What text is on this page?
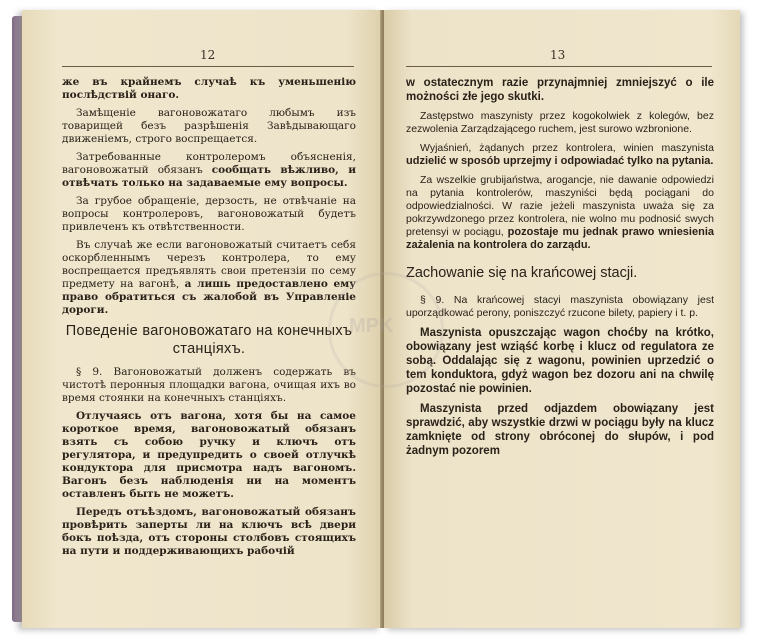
12

же въ крайнемъ случаѣ къ уменьшенію послѣдствій онаго.

Замѣщеніе вагоновожатаго любымъ изъ товарищей безъ разрѣшенія Завѣдывающаго движеніемъ, строго воспрещается.

Затребованные контролеромъ объясненія, вагоновожатый обязанъ сообщать вѣжливо, и отвѣчать только на задаваемые ему вопросы.

За грубое обращеніе, дерзость, не отвѣчаніе на вопросы контролеровъ, вагоновожатый будетъ привлеченъ къ отвѣтственности.

Въ случаѣ же если вагоновожатый считаетъ себя оскорбленнымъ черезъ контролера, то ему воспрещается предъявлять свои претензіи по сему предмету на вагонѣ, а лишь предоставлено ему право обратиться съ жалобой въ Управленіе дороги.

Поведеніе вагоновожатаго на конечныхъ станціяхъ.

§ 9. Вагоновожатый долженъ содержать въ чистотѣ перонныя площадки вагона, очищая ихъ во время стоянки на конечныхъ станціяхъ.

Отлучаясь отъ вагона, хотя бы на самое короткое время, вагоновожатый обязанъ взять съ собою ручку и ключъ отъ регулятора, и предупредить о своей отлучкѣ кондуктора для присмотра надъ вагономъ. Вагонъ безъ наблюденія ни на моментъ оставленъ быть не можетъ.

Передъ отъѣздомъ, вагоновожатый обязанъ провѣрить заперты ли на ключъ всѣ двери бокъ поѣзда, отъ стороны столбовъ стоящихъ на пути и поддерживающихъ рабочій

13

w ostatecznym razie przynajmniej zmniejszyć o ile możności złe jego skutki.

Zastępstwo maszynisty przez kogokolwiek z kolegów, bez zezwolenia Zarządzającego ruchem, jest surowo wzbronione.

Wyjaśnień, żądanych przez kontrolera, winien maszynista udzielić w sposób uprzejmy i odpowiadać tylko na pytania.

Za wszelkie grubijaństwa, arogancje, nie dawanie odpowiedzi na pytania kontrolerów, maszyniści będą pociągani do odpowiedzialności. W razie jeżeli maszynista uważa się za pokrzywdzonego przez kontrolera, nie wolno mu podnosić swych pretensyi w pociągu, pozostaje mu jednak prawo wniesienia zażalenia na kontrolera do zarządu.

Zachowanie się na krańcowej stacji.

§ 9. Na krańcowej stacyi maszynista obowiązany jest uporządkować perony, poniszczyć rzucone bilety, papiery i t. p.

Maszynista opuszczając wagon choćby na krótko, obowiązany jest wziąść korbę i klucz od regulatora ze sobą. Oddalając się z wagonu, powinien uprzedzić o tem konduktora, gdyż wagon bez dozoru ani na chwilę pozostać nie powinien.

Maszynista przed odjazdem obowiązany jest sprawdzić, aby wszystkie drzwi w pociągu były na klucz zamknięte od strony obróconej do słupów, i pod żadnym pozorem

MPK
